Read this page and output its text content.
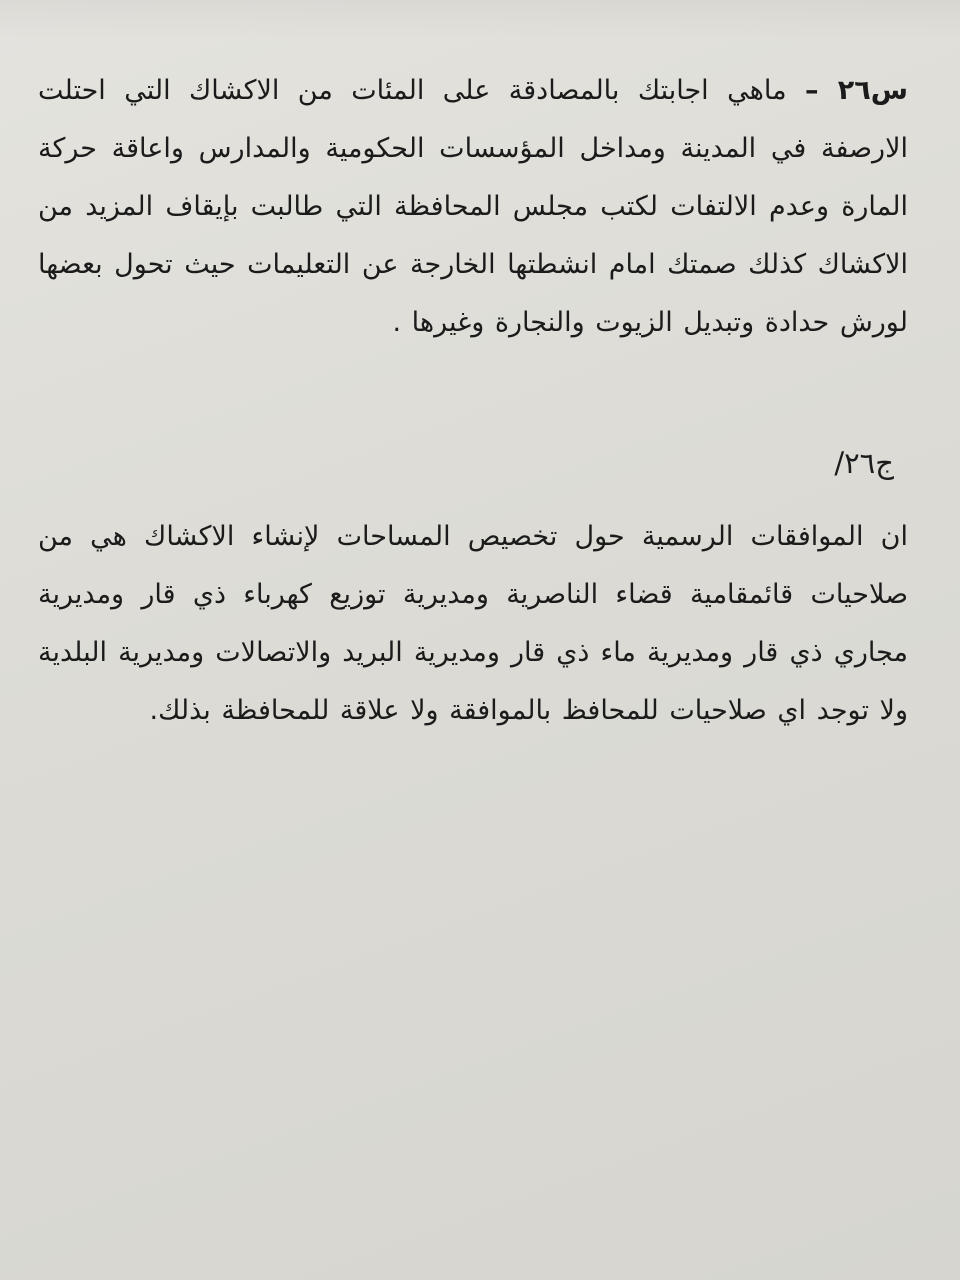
س٢٦ – ماهي اجابتك بالمصادقة على المئات من الاكشاك التي احتلت الارصفة في المدينة ومداخل المؤسسات الحكومية والمدارس واعاقة حركة المارة وعدم الالتفات لكتب مجلس المحافظة التي طالبت بإيقاف المزيد من الاكشاك كذلك صمتك امام انشطتها الخارجة عن التعليمات حيث تحول بعضها لورش حدادة وتبديل الزيوت والنجارة وغيرها .
ج٢٦/
ان الموافقات الرسمية حول تخصيص المساحات لإنشاء الاكشاك هي من صلاحيات قائمقامية قضاء الناصرية ومديرية توزيع كهرباء ذي قار ومديرية مجاري ذي قار ومديرية ماء ذي قار ومديرية البريد والاتصالات ومديرية البلدية ولا توجد اي صلاحيات للمحافظ بالموافقة ولا علاقة للمحافظة بذلك.
